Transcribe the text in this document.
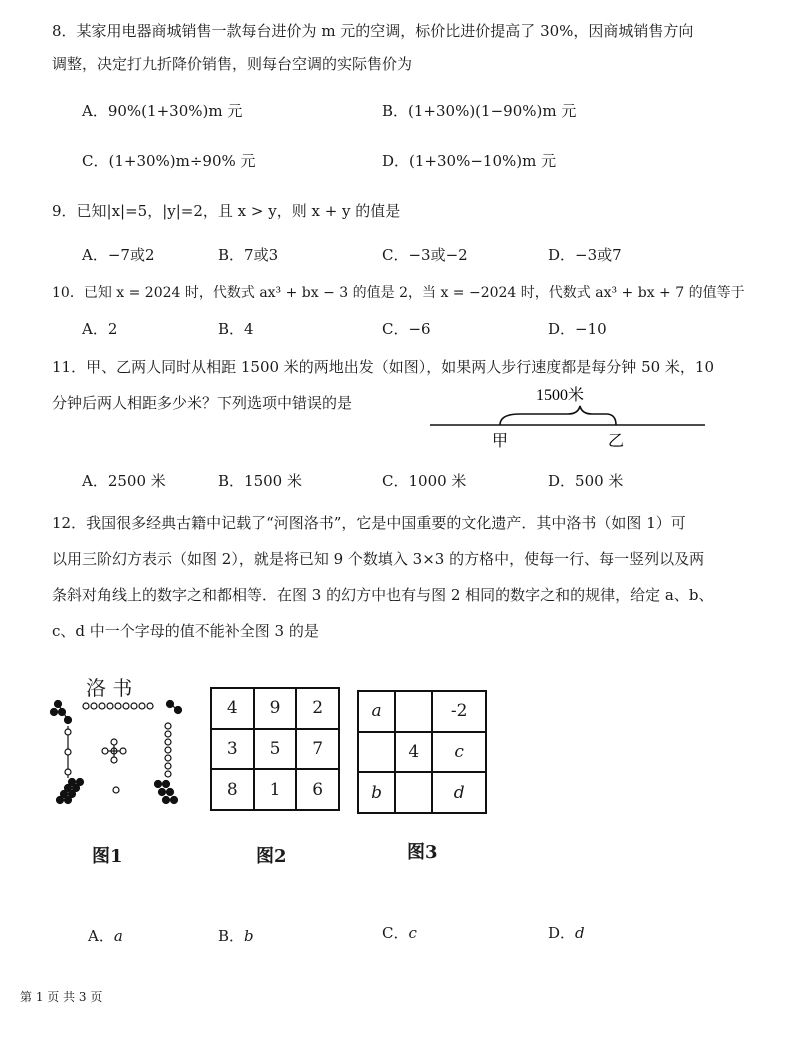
8．某家用电器商城销售一款每台进价为 m 元的空调，标价比进价提高了 30%，因商城销售方向
调整，决定打九折降价销售，则每台空调的实际售价为
A．90%(1+30%)m 元	B．(1+30%)(1−90%)m 元
C．(1+30%)m÷90% 元	D．(1+30%−10%)m 元
9．已知|x|=5，|y|=2，且 x > y，则 x + y 的值是
A．−7或2	B．7或3	C．−3或−2	D．−3或7
10．已知 x = 2024 时，代数式 ax³ + bx − 3 的值是 2，当 x = −2024 时，代数式 ax³ + bx + 7 的值等于
A．2	B．4	C．−6	D．−10
11．甲、乙两人同时从相距 1500 米的两地出发（如图），如果两人步行速度都是每分钟 50 米，10
分钟后两人相距多少米？下列选项中错误的是	1500米
甲	乙
A．2500 米	B．1500 米	C．1000 米	D．500 米
12．我国很多经典古籍中记载了“河图洛书”，它是中国重要的文化遗产．其中洛书（如图 1）可
以用三阶幻方表示（如图 2），就是将已知 9 个数填入 3×3 的方格中，使每一行、每一竖列以及两
条斜对角线上的数字之和都相等．在图 3 的幻方中也有与图 2 相同的数字之和的规律，给定 a、b、
c、d 中一个字母的值不能补全图 3 的是
洛 书
4	9	2
3	5	7
8	1	6
a		-2
	4	c
b		d
图1	图2	图3
A．a	B．b	C．c	D．d
第 1 页 共 3 页
